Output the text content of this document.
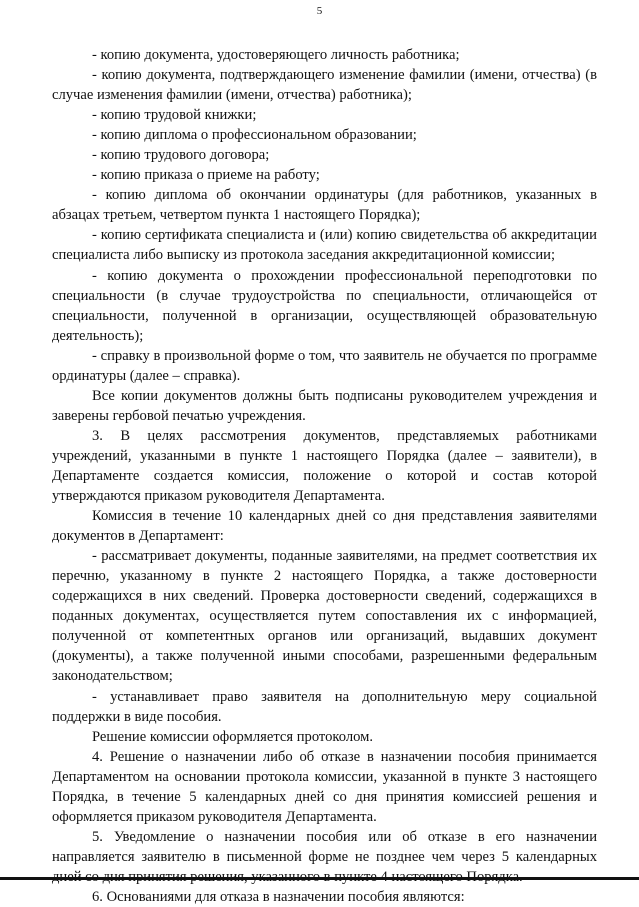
5

- копию документа, удостоверяющего личность работника;

- копию документа, подтверждающего изменение фамилии (имени, отчества) (в случае изменения фамилии (имени, отчества) работника);

- копию трудовой книжки;

- копию диплома о профессиональном образовании;

- копию трудового договора;

- копию приказа о приеме на работу;

- копию диплома об окончании ординатуры (для работников, указанных в абзацах третьем, четвертом пункта 1 настоящего Порядка);

- копию сертификата специалиста и (или) копию свидетельства об аккредитации специалиста либо выписку из протокола заседания аккредитационной комиссии;

- копию документа о прохождении профессиональной переподготовки по специальности (в случае трудоустройства по специальности, отличающейся от специальности, полученной в организации, осуществляющей образовательную деятельность);

- справку в произвольной форме о том, что заявитель не обучается по программе ординатуры (далее – справка).

Все копии документов должны быть подписаны руководителем учреждения и заверены гербовой печатью учреждения.

3. В целях рассмотрения документов, представляемых работниками учреждений, указанными в пункте 1 настоящего Порядка (далее – заявители), в Департаменте создается комиссия, положение о которой и состав которой утверждаются приказом руководителя Департамента.

Комиссия в течение 10 календарных дней со дня представления заявителями документов в Департамент:

- рассматривает документы, поданные заявителями, на предмет соответствия их перечню, указанному в пункте 2 настоящего Порядка, а также достоверности содержащихся в них сведений. Проверка достоверности сведений, содержащихся в поданных документах, осуществляется путем сопоставления их с информацией, полученной от компетентных органов или организаций, выдавших документ (документы), а также полученной иными способами, разрешенными федеральным законодательством;

- устанавливает право заявителя на дополнительную меру социальной поддержки в виде пособия.

Решение комиссии оформляется протоколом.

4. Решение о назначении либо об отказе в назначении пособия принимается Департаментом на основании протокола комиссии, указанной в пункте 3 настоящего Порядка, в течение 5 календарных дней со дня принятия комиссией решения и оформляется приказом руководителя Департамента.

5. Уведомление о назначении пособия или об отказе в его назначении направляется заявителю в письменной форме не позднее чем через 5 календарных

6. Основаниями для отказа в назначении пособия являются:
